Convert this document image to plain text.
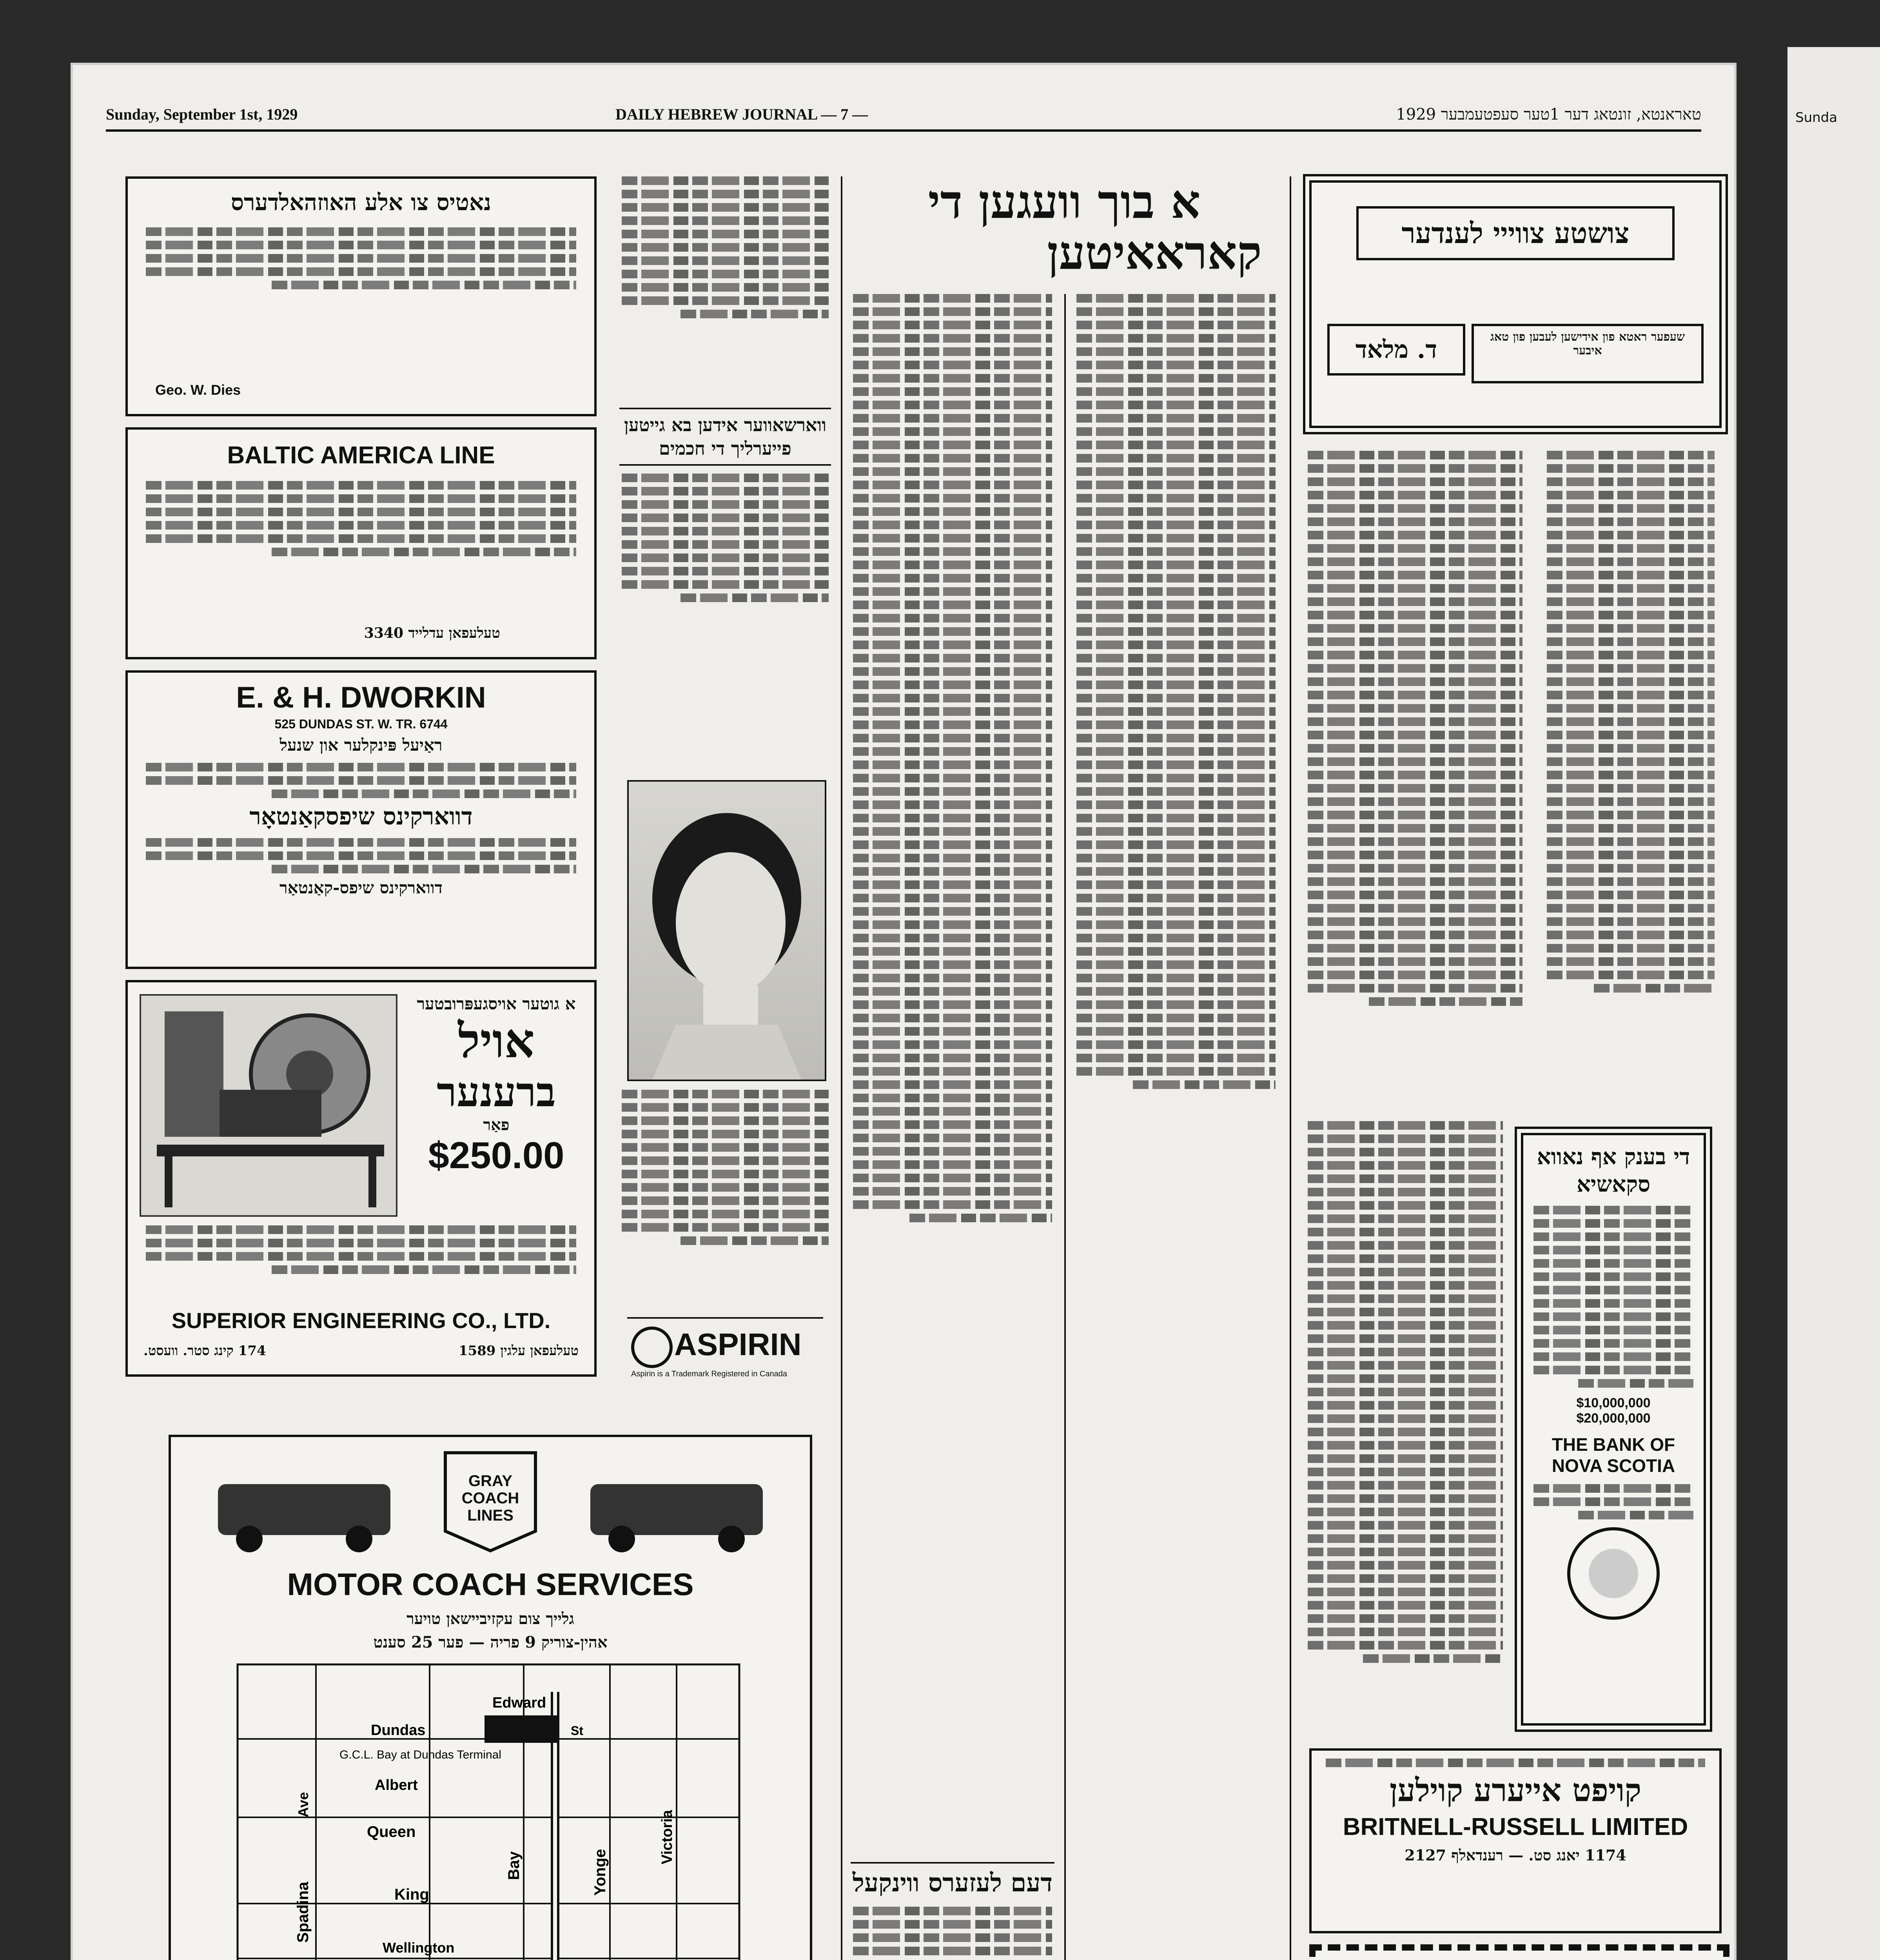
Sunda
Sunday, September 1st, 1929	DAILY HEBREW JOURNAL — 7 —	טאראנטא, זונטאג דער 1טער סעפטעמבער 1929
נאטיס צו אלע האוזהאלדערס
Geo. W. Dies
BALTIC AMERICA LINE
טעלעפאן עדלייד 3340
E. & H. DWORKIN
525 DUNDAS ST. W. TR. 6744
ראַיעל פּינקלער און שנעל
דווארקינס שיפסקאַנטאָר
דווארקינס שיפס-קאַנטאַר
א גוטער אויסגעפּרובטער
אויל
ברענער
פאַר
$250.00
SUPERIOR ENGINEERING CO., LTD.
טעלעפאן עלגין 1589
174 קינג סטר. וועסט.
GRAY
COACH
LINES
MOTOR COACH SERVICES
גלייך צום עקזיביישאן טויער
אהין-צוריק 9 פריה — פער 25 סענט
Edward
Dundas	St
G.C.L. Bay at Dundas Terminal
Albert
Queen
King
Wellington
Spadina
Ave
Bay	Yonge
Victoria
ווארשאווער אידען בא גייטען פייערליך די חכמים
ASPIRIN
Aspirin is a Trademark Registered in Canada
א בוך וועגען די
קאראאיטען
דעם לעזערס ווינקעל
צושטע צווייי לענדער
ד. מלאד	שעפער ראטא פון אידישען לעבען פון טאג איבער
די בענק אף נאווא סקאשיא
$10,000,000
$20,000,000
THE BANK OF NOVA SCOTIA
קויפט אייערע קוילען
BRITNELL-RUSSELL LIMITED
1174 יאנג סט. — רענדאלף 2127
